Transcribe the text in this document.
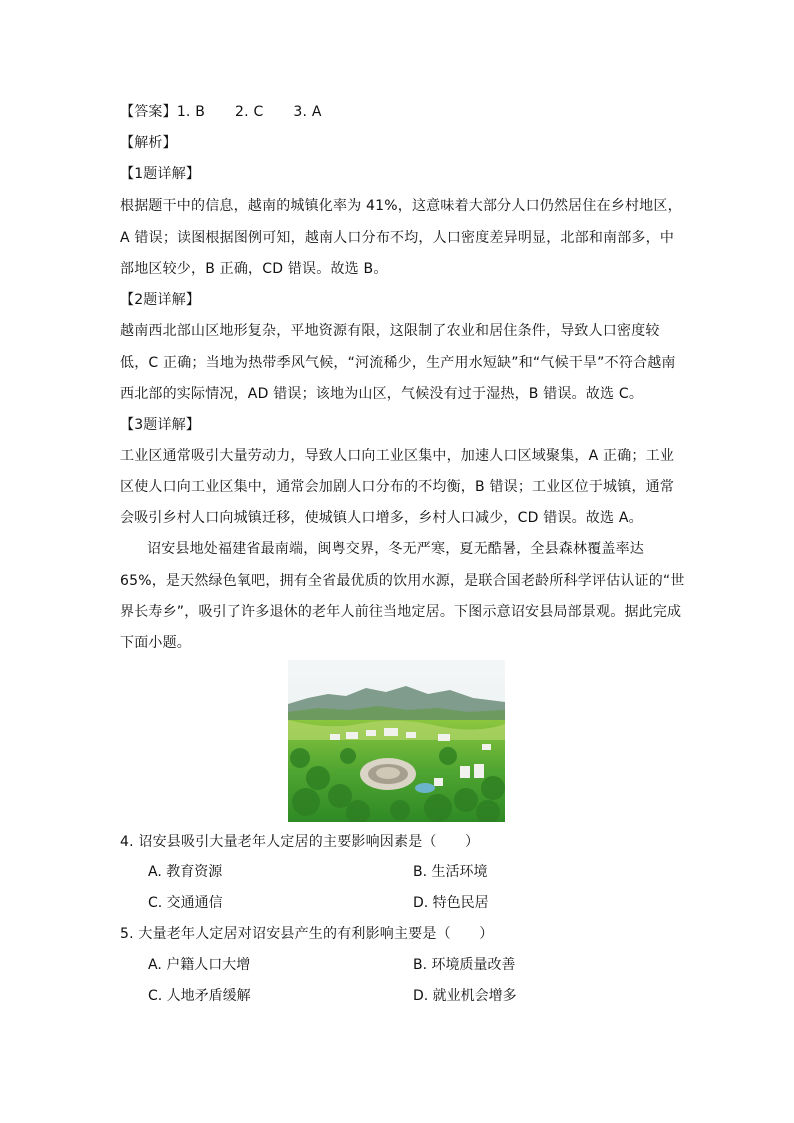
【答案】1. B 2. C 3. A
【解析】
【1题详解】
根据题干中的信息，越南的城镇化率为 41%，这意味着大部分人口仍然居住在乡村地区，
A 错误；读图根据图例可知，越南人口分布不均，人口密度差异明显，北部和南部多，中
部地区较少，B 正确，CD 错误。故选 B。
【2题详解】
越南西北部山区地形复杂，平地资源有限，这限制了农业和居住条件，导致人口密度较
低，C 正确；当地为热带季风气候，“河流稀少，生产用水短缺”和“气候干旱”不符合越南
西北部的实际情况，AD 错误；该地为山区，气候没有过于湿热，B 错误。故选 C。
【3题详解】
工业区通常吸引大量劳动力，导致人口向工业区集中，加速人口区域聚集，A 正确；工业
区使人口向工业区集中，通常会加剧人口分布的不均衡，B 错误；工业区位于城镇，通常
会吸引乡村人口向城镇迁移，使城镇人口增多，乡村人口减少，CD 错误。故选 A。
诏安县地处福建省最南端，闽粤交界，冬无严寒，夏无酷暑，全县森林覆盖率达
65%，是天然绿色氧吧，拥有全省最优质的饮用水源，是联合国老龄所科学评估认证的“世
界长寿乡”，吸引了许多退休的老年人前往当地定居。下图示意诏安县局部景观。据此完成
下面小题。
4. 诏安县吸引大量老年人定居的主要影响因素是（　　）
A. 教育资源	B. 生活环境
C. 交通通信	D. 特色民居
5. 大量老年人定居对诏安县产生的有利影响主要是（　　）
A. 户籍人口大增	B. 环境质量改善
C. 人地矛盾缓解	D. 就业机会增多
